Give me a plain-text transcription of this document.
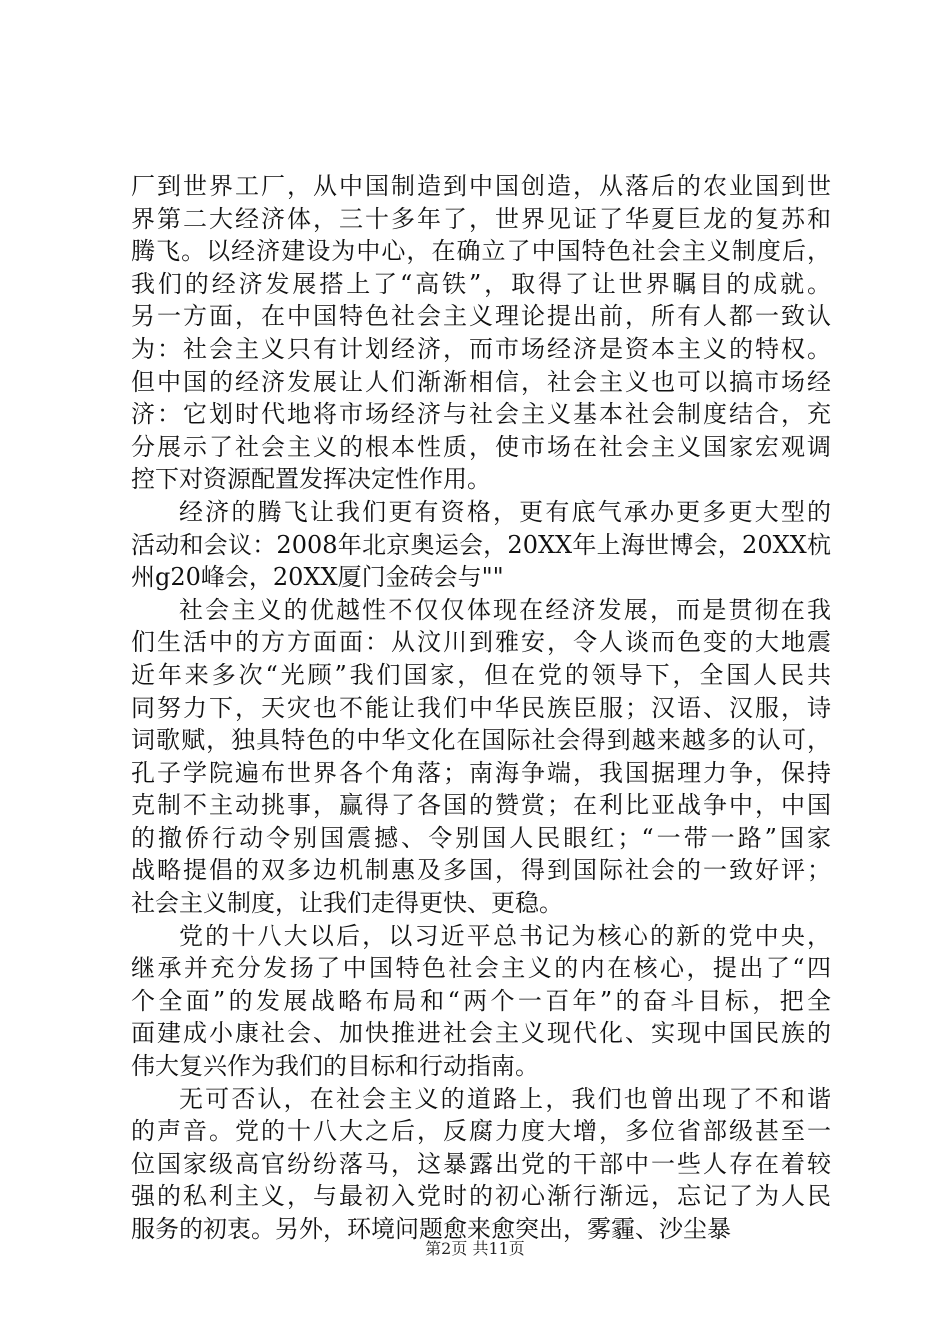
厂到世界工厂，从中国制造到中国创造，从落后的农业国到世
界第二大经济体，三十多年了，世界见证了华夏巨龙的复苏和
腾飞。以经济建设为中心，在确立了中国特色社会主义制度后，
我们的经济发展搭上了“高铁”，取得了让世界瞩目的成就。
另一方面，在中国特色社会主义理论提出前，所有人都一致认
为：社会主义只有计划经济，而市场经济是资本主义的特权。
但中国的经济发展让人们渐渐相信，社会主义也可以搞市场经
济：它划时代地将市场经济与社会主义基本社会制度结合，充
分展示了社会主义的根本性质，使市场在社会主义国家宏观调
控下对资源配置发挥决定性作用。
经济的腾飞让我们更有资格，更有底气承办更多更大型的
活动和会议：2008年北京奥运会，20XX年上海世博会，20XX杭
州g20峰会，20XX厦门金砖会与""
社会主义的优越性不仅仅体现在经济发展，而是贯彻在我
们生活中的方方面面：从汶川到雅安，令人谈而色变的大地震
近年来多次“光顾”我们国家，但在党的领导下，全国人民共
同努力下，天灾也不能让我们中华民族臣服；汉语、汉服，诗
词歌赋，独具特色的中华文化在国际社会得到越来越多的认可，
孔子学院遍布世界各个角落；南海争端，我国据理力争，保持
克制不主动挑事，赢得了各国的赞赏；在利比亚战争中，中国
的撤侨行动令别国震撼、令别国人民眼红；“一带一路”国家
战略提倡的双多边机制惠及多国，得到国际社会的一致好评；
社会主义制度，让我们走得更快、更稳。
党的十八大以后，以习近平总书记为核心的新的党中央，
继承并充分发扬了中国特色社会主义的内在核心，提出了“四
个全面”的发展战略布局和“两个一百年”的奋斗目标，把全
面建成小康社会、加快推进社会主义现代化、实现中国民族的
伟大复兴作为我们的目标和行动指南。
无可否认，在社会主义的道路上，我们也曾出现了不和谐
的声音。党的十八大之后，反腐力度大增，多位省部级甚至一
位国家级高官纷纷落马，这暴露出党的干部中一些人存在着较
强的私利主义，与最初入党时的初心渐行渐远，忘记了为人民
服务的初衷。另外，环境问题愈来愈突出，雾霾、沙尘暴
第2页 共11页
